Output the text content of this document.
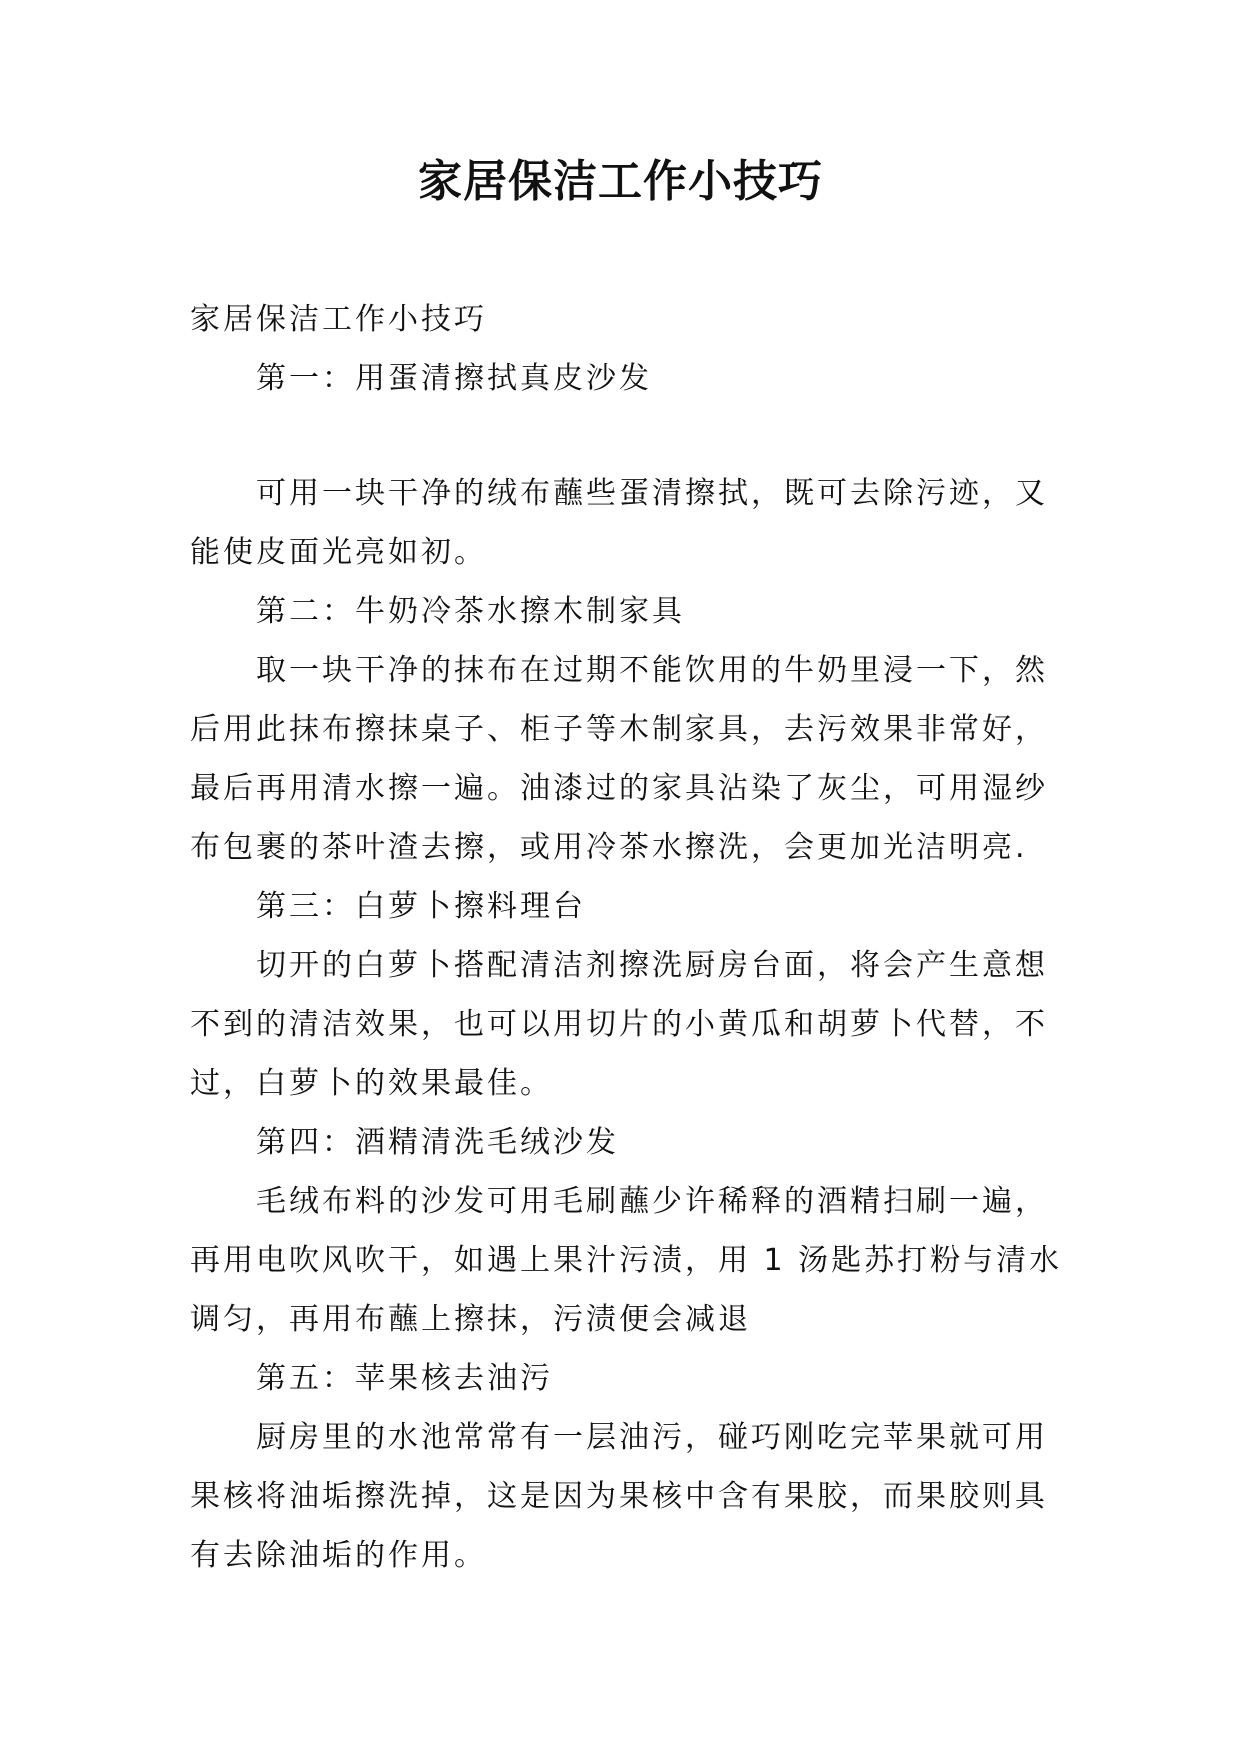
家居保洁工作小技巧

家居保洁工作小技巧

第一：用蛋清擦拭真皮沙发

可用一块干净的绒布蘸些蛋清擦拭，既可去除污迹，又

能使皮面光亮如初。

第二：牛奶冷茶水擦木制家具

取一块干净的抹布在过期不能饮用的牛奶里浸一下，然

后用此抹布擦抹桌子、柜子等木制家具，去污效果非常好，

最后再用清水擦一遍。油漆过的家具沾染了灰尘，可用湿纱

布包裹的茶叶渣去擦，或用冷茶水擦洗，会更加光洁明亮.

第三：白萝卜擦料理台

切开的白萝卜搭配清洁剂擦洗厨房台面，将会产生意想

不到的清洁效果，也可以用切片的小黄瓜和胡萝卜代替，不

过，白萝卜的效果最佳。

第四：酒精清洗毛绒沙发

毛绒布料的沙发可用毛刷蘸少许稀释的酒精扫刷一遍，

再用电吹风吹干，如遇上果汁污渍，用 1 汤匙苏打粉与清水

调匀，再用布蘸上擦抹，污渍便会减退

第五：苹果核去油污

厨房里的水池常常有一层油污，碰巧刚吃完苹果就可用

果核将油垢擦洗掉，这是因为果核中含有果胶，而果胶则具

有去除油垢的作用。
